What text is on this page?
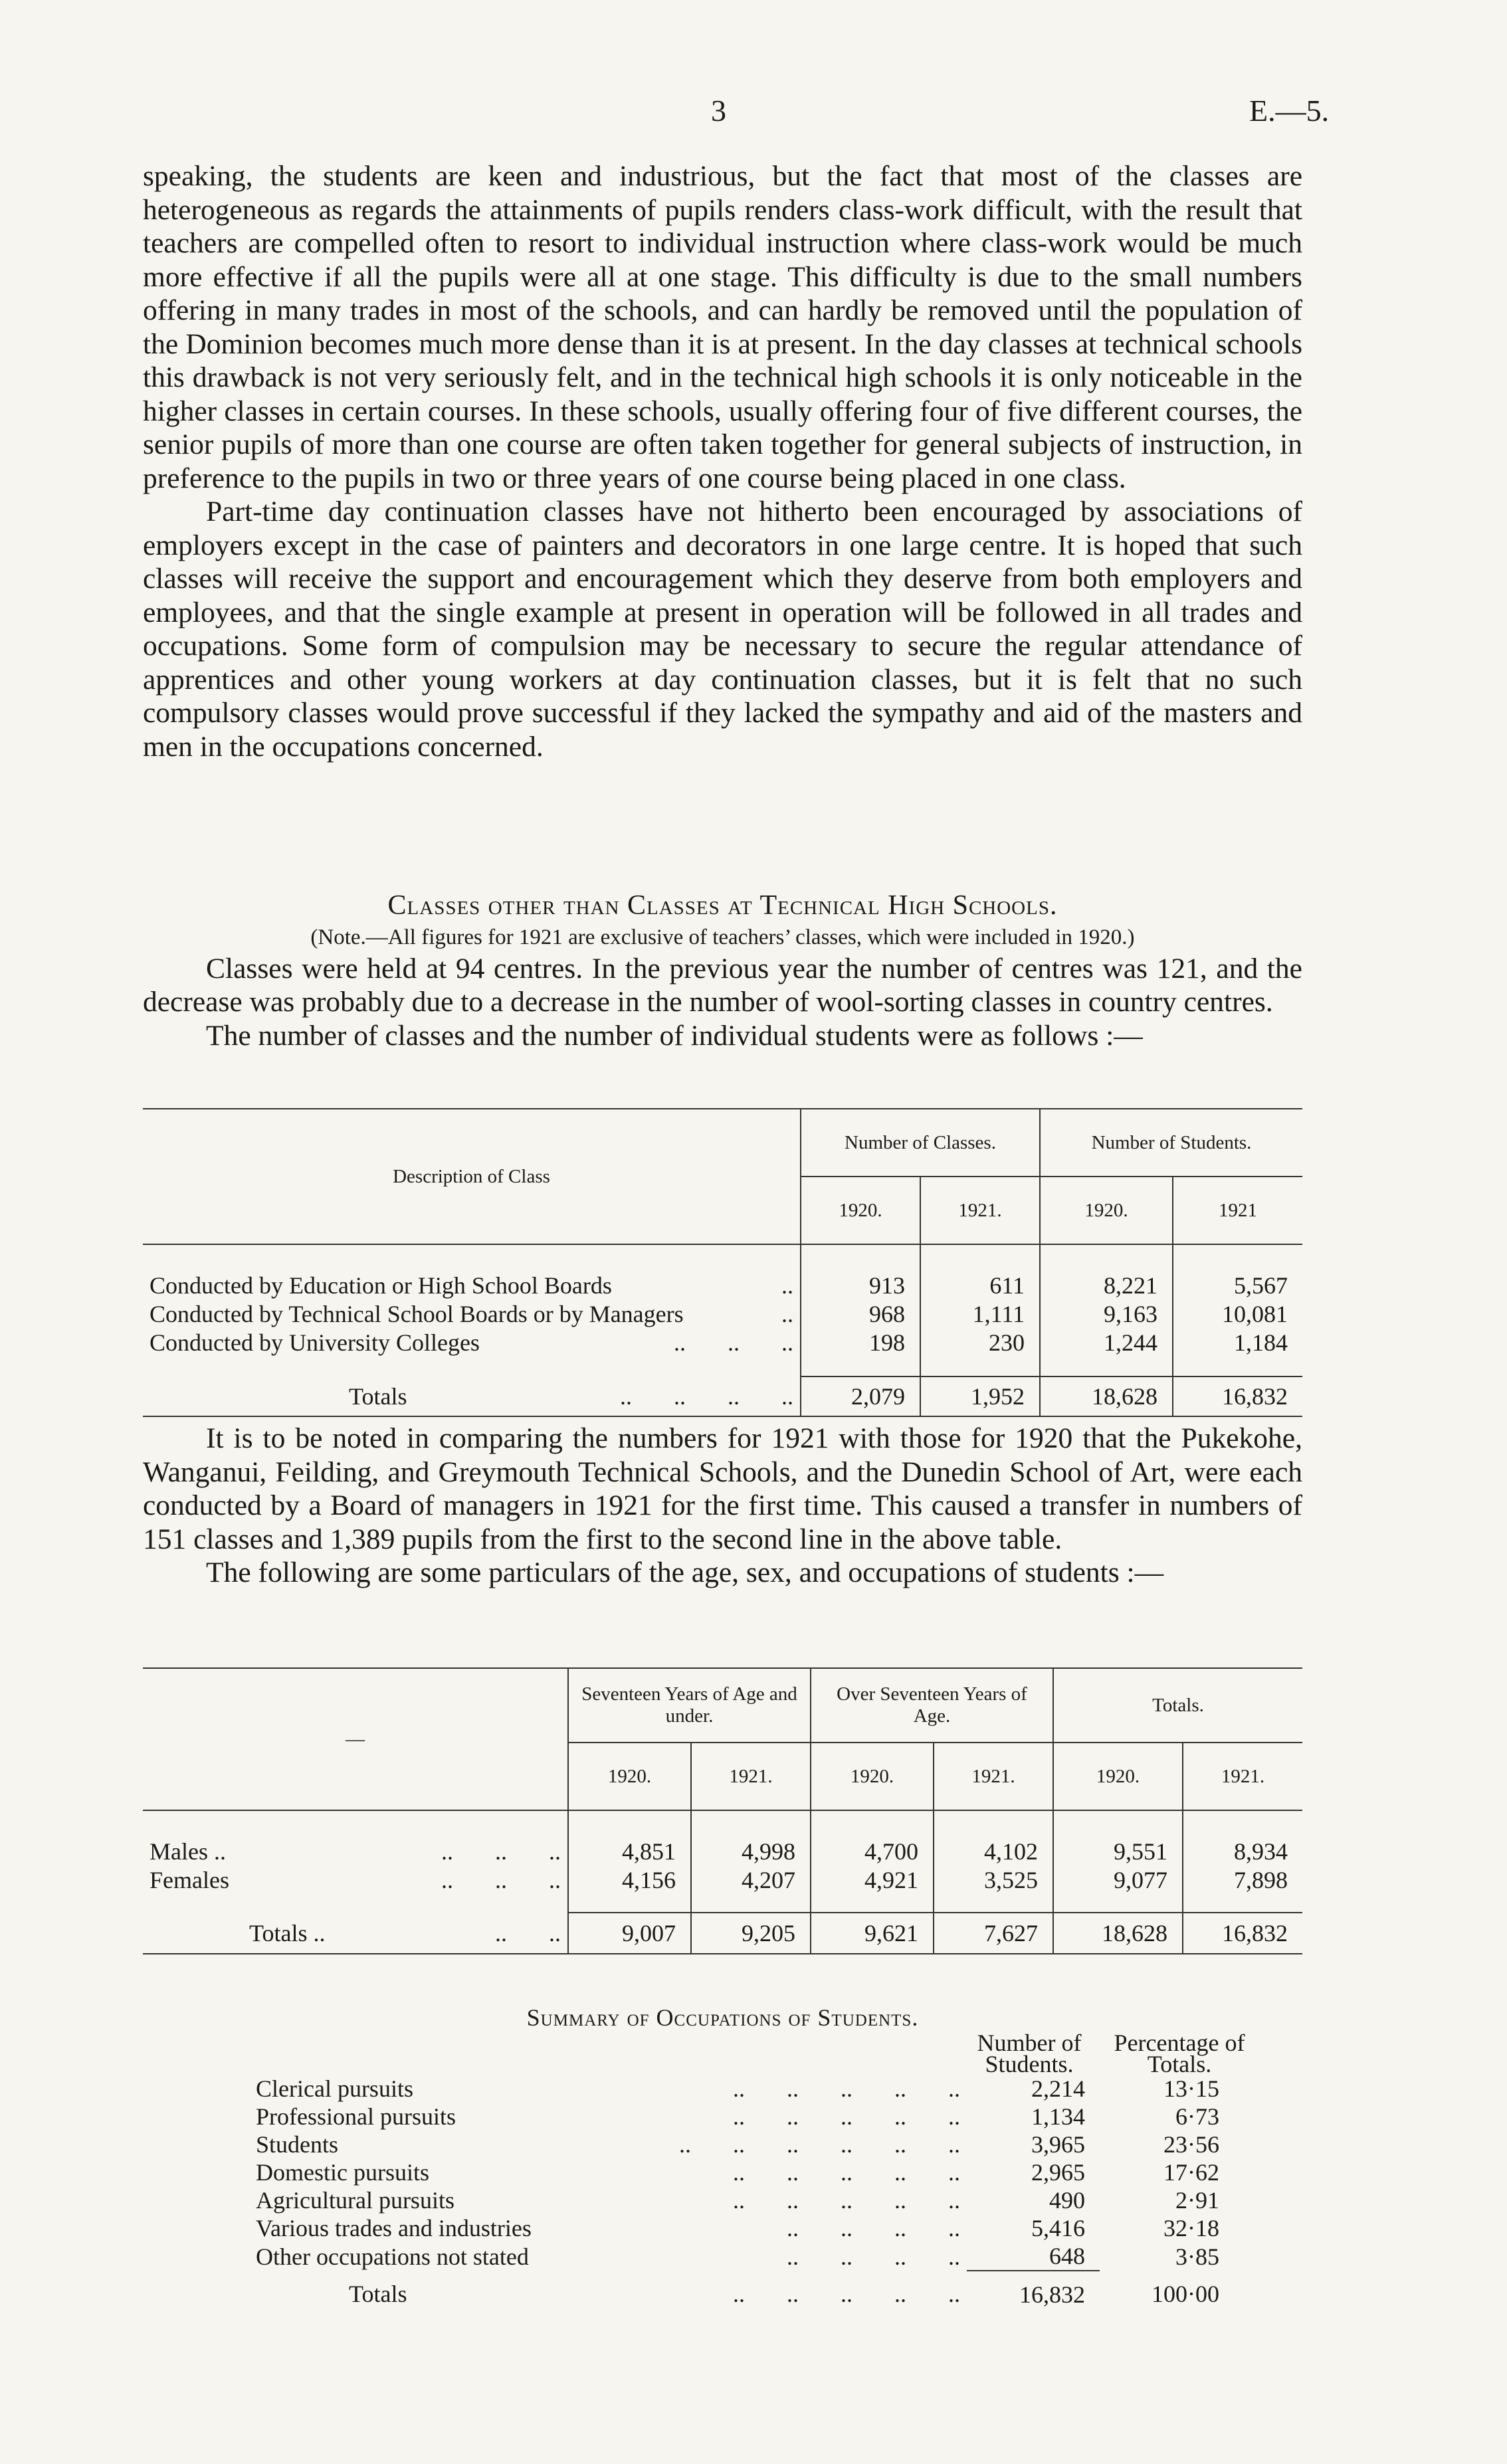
3	E.—5.

speaking, the students are keen and industrious, but the fact that most of the classes are heterogeneous as regards the attainments of pupils renders class-work difficult, with the result that teachers are compelled often to resort to individual instruction where class-work would be much more effective if all the pupils were all at one stage. This difficulty is due to the small numbers offering in many trades in most of the schools, and can hardly be removed until the population of the Dominion becomes much more dense than it is at present. In the day classes at technical schools this drawback is not very seriously felt, and in the technical high schools it is only noticeable in the higher classes in certain courses. In these schools, usually offering four of five different courses, the senior pupils of more than one course are often taken together for general subjects of instruction, in preference to the pupils in two or three years of one course being placed in one class.

Part-time day continuation classes have not hitherto been encouraged by associations of employers except in the case of painters and decorators in one large centre. It is hoped that such classes will receive the support and encouragement which they deserve from both employers and employees, and that the single example at present in operation will be followed in all trades and occupations. Some form of compulsion may be necessary to secure the regular attendance of apprentices and other young workers at day continuation classes, but it is felt that no such compulsory classes would prove successful if they lacked the sympathy and aid of the masters and men in the occupations concerned.

Classes other than Classes at Technical High Schools.

(Note.—All figures for 1921 are exclusive of teachers’ classes, which were included in 1920.)

Classes were held at 94 centres. In the previous year the number of centres was 121, and the decrease was probably due to a decrease in the number of wool-sorting classes in country centres.

The number of classes and the number of individual students were as follows :—

Description of Class	Number of Classes.		Number of Students.	
	1920.	1921.	1920.	1921

Conducted by Education or High School Boards ..	913	611	8,221	5,567
Conducted by Technical School Boards or by Managers ..	968	1,111	9,163	10,081
Conducted by University Colleges ..       ..       ..	198	230	1,244	1,184

Totals ..       ..       ..       ..	2,079	1,952	18,628	16,832

It is to be noted in comparing the numbers for 1921 with those for 1920 that the Pukekohe, Wanganui, Feilding, and Greymouth Technical Schools, and the Dunedin School of Art, were each conducted by a Board of managers in 1921 for the first time. This caused a transfer in numbers of 151 classes and 1,389 pupils from the first to the second line in the above table.

The following are some particulars of the age, sex, and occupations of students :—

—	Seventeen Years of Age and under.		Over Seventeen Years of Age.		Totals.	
	1920.	1921.	1920.	1921.	1920.	1921.

Males .. ..       ..       ..	4,851	4,998	4,700	4,102	9,551	8,934
Females ..       ..       ..	4,156	4,207	4,921	3,525	9,077	7,898

Totals .. ..       ..	9,007	9,205	9,621	7,627	18,628	16,832

Summary of Occupations of Students.

	Number of Students.	Percentage of Totals.
Clerical pursuits ..       ..       ..       ..       ..	2,214	13·15
Professional pursuits ..       ..       ..       ..       ..	1,134	6·73
Students ..       ..       ..       ..       ..       ..	3,965	23·56
Domestic pursuits ..       ..       ..       ..       ..	2,965	17·62
Agricultural pursuits ..       ..       ..       ..       ..	490	2·91
Various trades and industries ..       ..       ..       ..	5,416	32·18
Other occupations not stated ..       ..       ..       ..	648	3·85
Totals ..       ..       ..       ..       ..	16,832	100·00
